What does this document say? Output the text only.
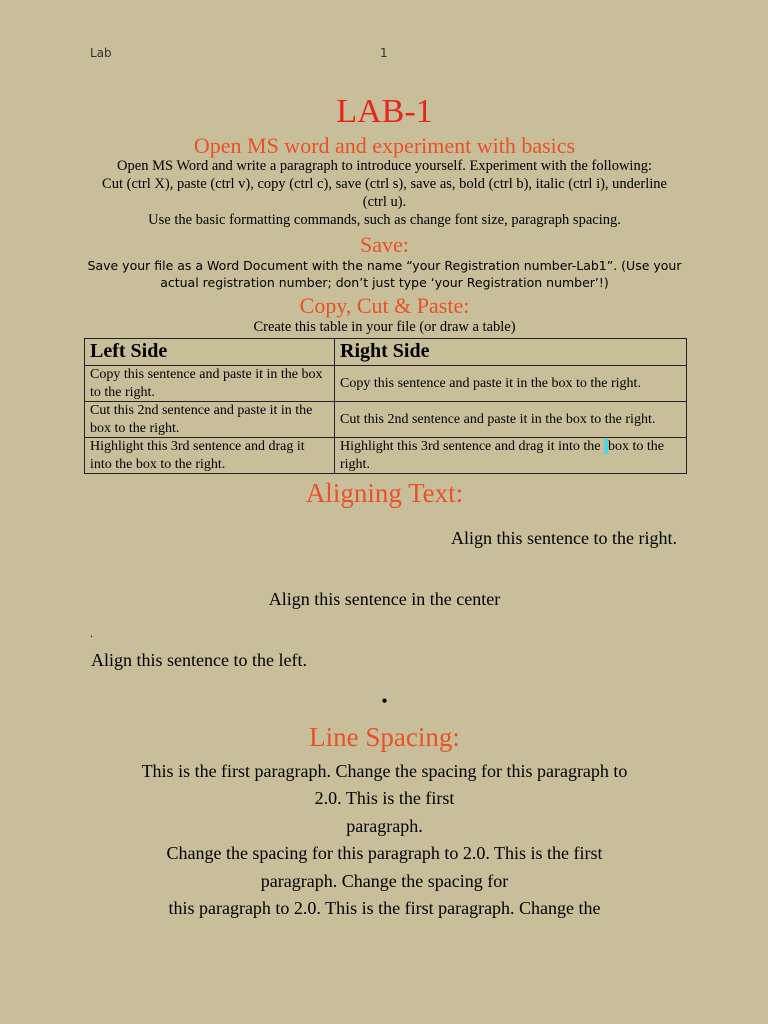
Lab	1
LAB-1
Open MS word and experiment with basics
Open MS Word and write a paragraph to introduce yourself. Experiment with the following:
Cut (ctrl X), paste (ctrl v), copy (ctrl c), save (ctrl s), save as, bold (ctrl b), italic (ctrl i), underline
(ctrl u).
Use the basic formatting commands, such as change font size, paragraph spacing.
Save:
Save your file as a Word Document with the name “your Registration number-Lab1”. (Use your
actual registration number; don’t just type ‘your Registration number’!)
Copy, Cut & Paste:
Create this table in your file (or draw a table)
Left Side	Right Side
Copy this sentence and paste it in the box to the right.	Copy this sentence and paste it in the box to the right.
Cut this 2nd sentence and paste it in the box to the right.	Cut this 2nd sentence and paste it in the box to the right.
Highlight this 3rd sentence and drag it into the box to the right.	Highlight this 3rd sentence and drag it into the box to the right.
Aligning Text:
Align this sentence to the right.
Align this sentence in the center
.
Align this sentence to the left.
•
Line Spacing:
This is the first paragraph. Change the spacing for this paragraph to
2.0. This is the first
paragraph.
Change the spacing for this paragraph to 2.0. This is the first
paragraph. Change the spacing for
this paragraph to 2.0. This is the first paragraph. Change the
